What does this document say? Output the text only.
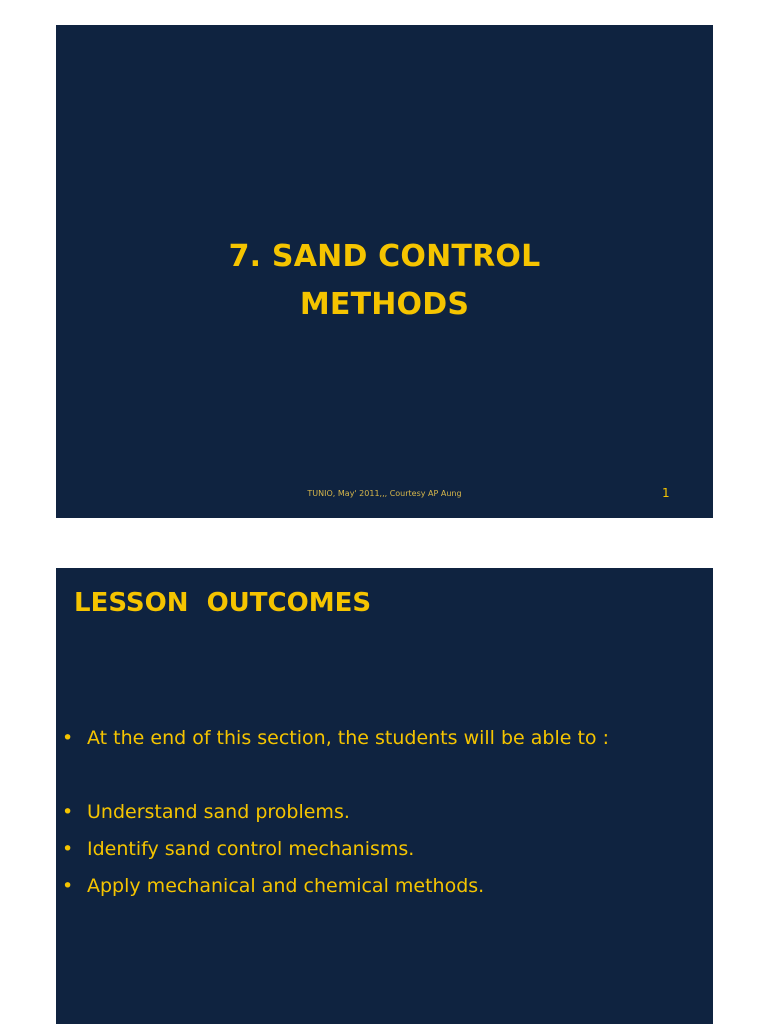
7. SAND CONTROL
METHODS
TUNIO, May' 2011,,, Courtesy AP Aung	1
LESSON  OUTCOMES
• At the end of this section, the students will be able to :
• Understand sand problems.
• Identify sand control mechanisms.
• Apply mechanical and chemical methods.
